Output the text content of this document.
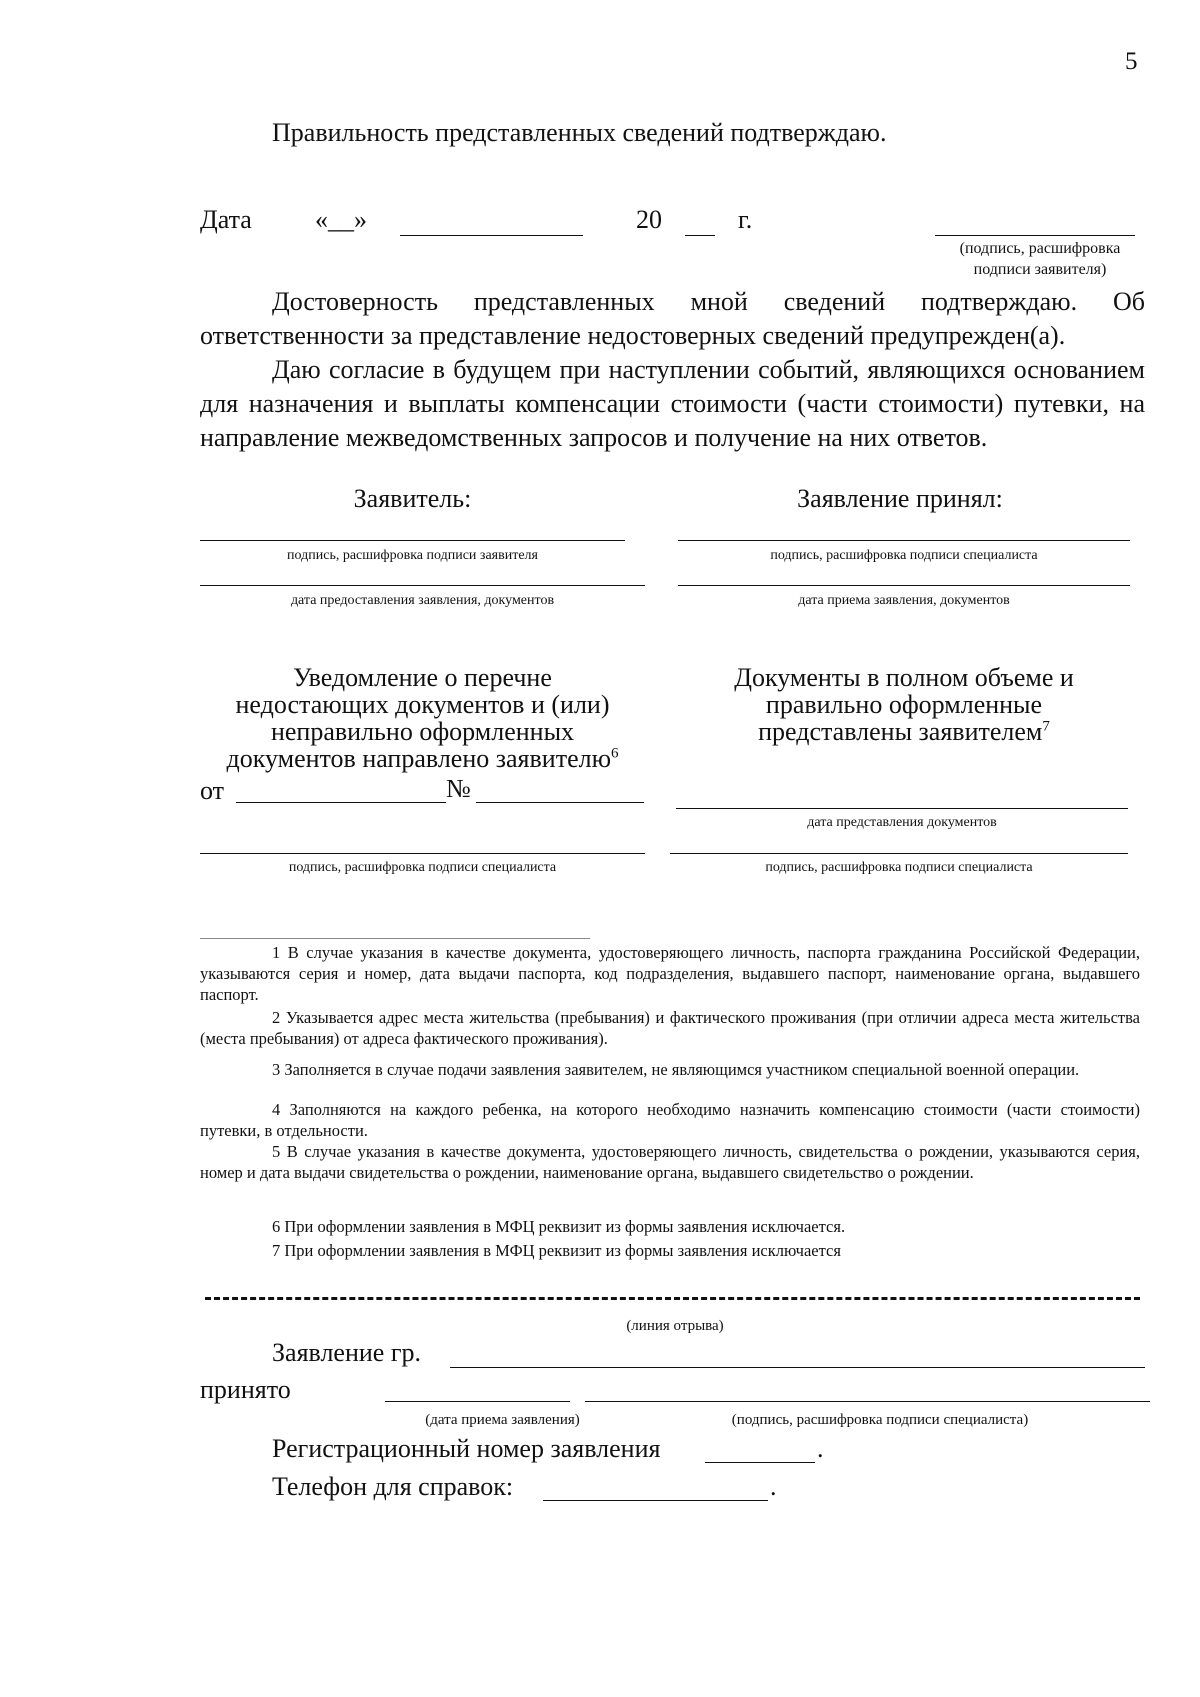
5
Правильность представленных сведений подтверждаю.
Дата «__»	20	г.
(подпись, расшифровка
подписи заявителя)
Достоверность представленных мной сведений подтверждаю. Об ответственности за представление недостоверных сведений предупрежден(а).
Даю согласие в будущем при наступлении событий, являющихся основанием для назначения и выплаты компенсации стоимости (части стоимости) путевки, на направление межведомственных запросов и получение на них ответов.
Заявитель:	Заявление принял:
подпись, расшифровка подписи заявителя	подпись, расшифровка подписи специалиста
дата предоставления заявления, документов	дата приема заявления, документов
Уведомление о перечне
недостающих документов и (или)
неправильно оформленных
документов направлено заявителю$^6$
от	№
подпись, расшифровка подписи специалиста
Документы в полном объеме и
правильно оформленные
представлены заявителем$^7$
дата представления документов
подпись, расшифровка подписи специалиста
1 В случае указания в качестве документа, удостоверяющего личность, паспорта гражданина Российской Федерации, указываются серия и номер, дата выдачи паспорта, код подразделения, выдавшего паспорт, наименование органа, выдавшего паспорт.
2 Указывается адрес места жительства (пребывания) и фактического проживания (при отличии адреса места жительства (места пребывания) от адреса фактического проживания).
3 Заполняется в случае подачи заявления заявителем, не являющимся участником специальной военной операции.
4 Заполняются на каждого ребенка, на которого необходимо назначить компенсацию стоимости (части стоимости) путевки, в отдельности.
5 В случае указания в качестве документа, удостоверяющего личность, свидетельства о рождении, указываются серия, номер и дата выдачи свидетельства о рождении, наименование органа, выдавшего свидетельство о рождении.
6 При оформлении заявления в МФЦ реквизит из формы заявления исключается.
7 При оформлении заявления в МФЦ реквизит из формы заявления исключается
(линия отрыва)
Заявление гр.
принято
(дата приема заявления)	(подпись, расшифровка подписи специалиста)
Регистрационный номер заявления	.
Телефон для справок:	.
